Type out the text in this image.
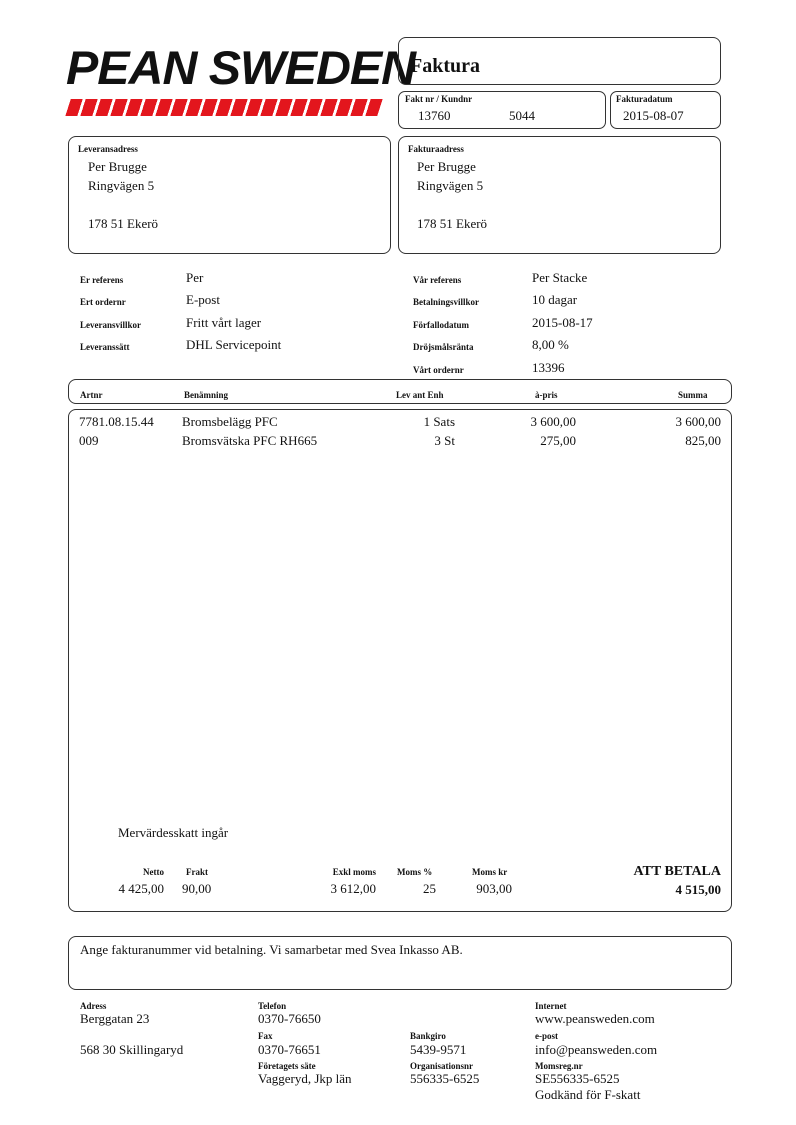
PEAN SWEDEN
Faktura
Fakt nr / Kundnr
13760	5044
Fakturadatum
2015-08-07
Leveransadress
Per Brugge
Ringvägen 5
178 51 Ekerö
Fakturaadress
Per Brugge
Ringvägen 5
178 51 Ekerö
Er referens	Per
Ert ordernr	E-post
Leveransvillkor	Fritt vårt lager
Leveranssätt	DHL Servicepoint
Vår referens	Per Stacke
Betalningsvillkor	10 dagar
Förfallodatum	2015-08-17
Dröjsmålsränta	8,00 %
Vårt ordernr	13396
Artnr	Benämning	Lev ant Enh	à-pris	Summa
7781.08.15.44 Bromsbelägg PFC	1 Sats	3 600,00	3 600,00
009	Bromsvätska PFC RH665	3 St	275,00	825,00
Mervärdesskatt ingår
Netto
4 425,00
Frakt
90,00
Exkl moms
3 612,00
Moms %
25
Moms kr
903,00
ATT BETALA
4 515,00
Ange fakturanummer vid betalning. Vi samarbetar med Svea Inkasso AB.
Adress
Berggatan 23
568 30 Skillingaryd
Telefon
0370-76650
Fax
0370-76651
Företagets säte
Vaggeryd, Jkp län
Bankgiro
5439-9571
Organisationsnr
556335-6525
Internet
www.peansweden.com
e-post
info@peansweden.com
Momsreg.nr
SE556335-6525
Godkänd för F-skatt
